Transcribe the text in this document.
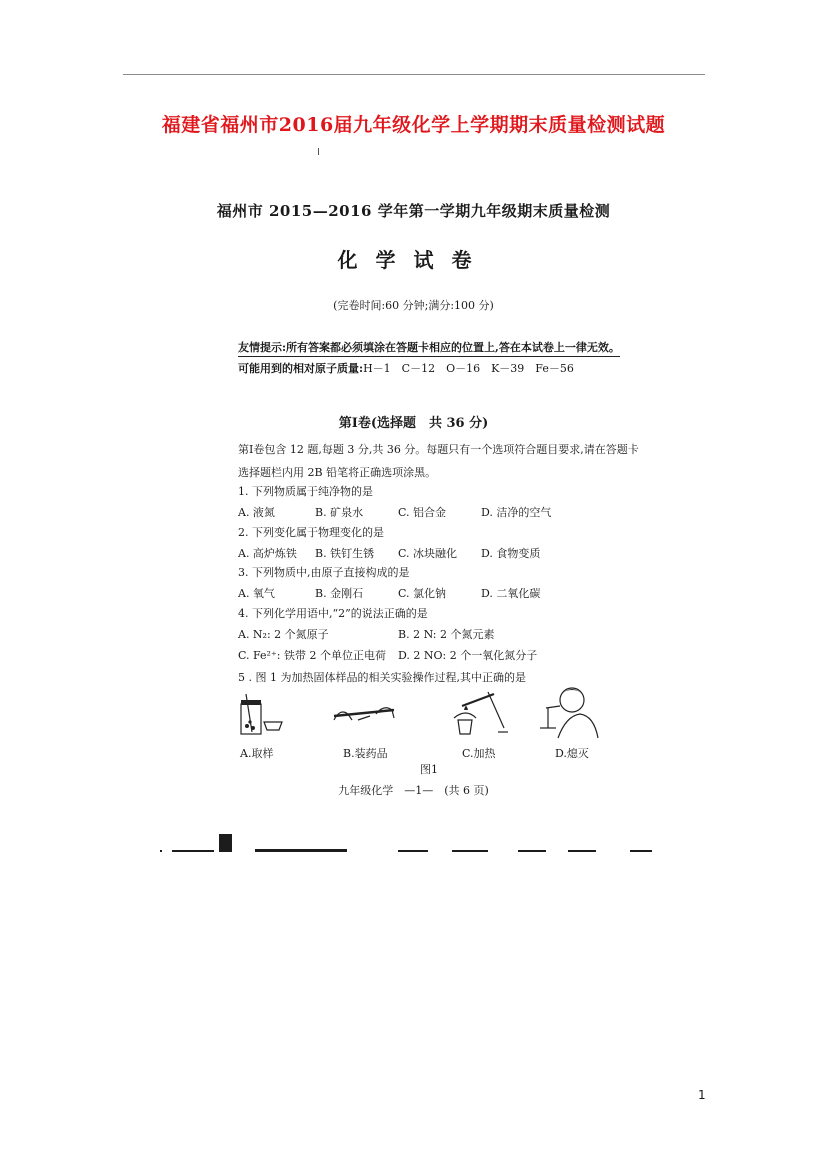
福建省福州市2016届九年级化学上学期期末质量检测试题
福州市 2015—2016 学年第一学期九年级期末质量检测
化学试卷
(完卷时间:60 分钟;满分:100 分)
友情提示:所有答案都必须填涂在答题卡相应的位置上,答在本试卷上一律无效。
可能用到的相对原子质量:H－1　C－12　O－16　K－39　Fe－56
第Ⅰ卷(选择题　共 36 分)
第Ⅰ卷包含 12 题,每题 3 分,共 36 分。每题只有一个选项符合题目要求,请在答题卡选择题栏内用 2B 铅笔将正确选项涂黑。
1. 下列物质属于纯净物的是
A. 液氮	B. 矿泉水	C. 铝合金	D. 洁净的空气
2. 下列变化属于物理变化的是
A. 高炉炼铁 B. 铁钉生锈 C. 冰块融化 D. 食物变质
3. 下列物质中,由原子直接构成的是
A. 氧气	B. 金刚石	C. 氯化钠	D. 二氧化碳
4. 下列化学用语中,“2”的说法正确的是
A. N₂: 2 个氮原子	B. 2 N: 2 个氮元素
C. Fe²⁺: 铁带 2 个单位正电荷 D. 2 NO: 2 个一氧化氮分子
5 . 图 1 为加热固体样品的相关实验操作过程,其中正确的是
A.取样	B.装药品	C.加热	D.熄灭
图1
九年级化学　—1—　(共 6 页)
1
